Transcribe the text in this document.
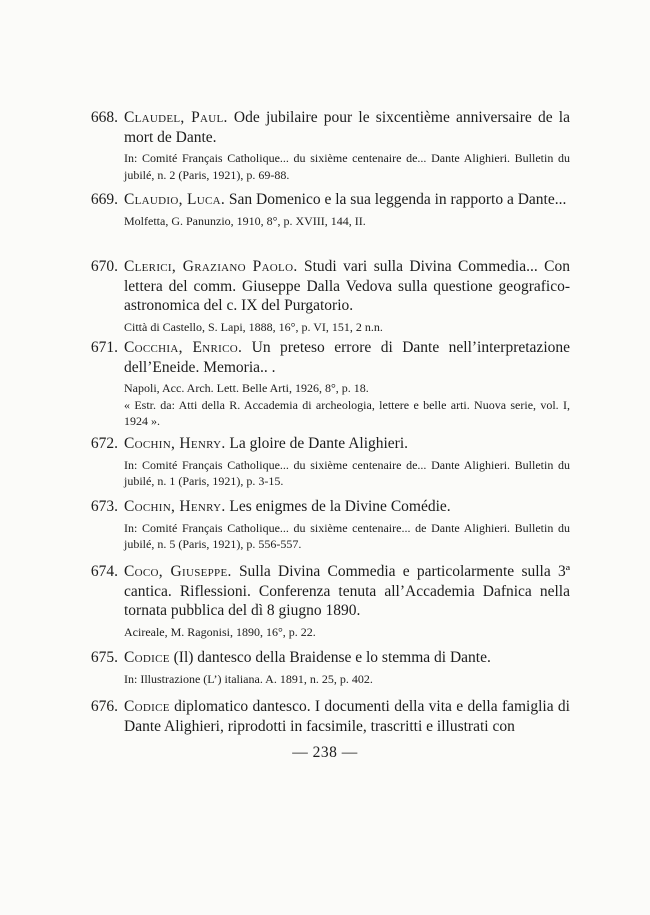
668. Claudel, Paul. Ode jubilaire pour le sixcentième anniversaire de la mort de Dante.
In: Comité Français Catholique... du sixième centenaire de... Dante Alighieri. Bulletin du jubilé, n. 2 (Paris, 1921), p. 69-88.
669. Claudio, Luca. San Domenico e la sua leggenda in rapporto a Dante...
Molfetta, G. Panunzio, 1910, 8°, p. XVIII, 144, II.
670. Clerici, Graziano Paolo. Studi vari sulla Divina Commedia... Con lettera del comm. Giuseppe Dalla Vedova sulla questione geografico-astronomica del c. IX del Purgatorio.
Città di Castello, S. Lapi, 1888, 16°, p. VI, 151, 2 n.n.
671. Cocchia, Enrico. Un preteso errore di Dante nell’interpretazione dell’Eneide. Memoria.. .
Napoli, Acc. Arch. Lett. Belle Arti, 1926, 8°, p. 18.
« Estr. da: Atti della R. Accademia di archeologia, lettere e belle arti. Nuova serie, vol. I, 1924 ».
672. Cochin, Henry. La gloire de Dante Alighieri.
In: Comité Français Catholique... du sixième centenaire de... Dante Alighieri. Bulletin du jubilé, n. 1 (Paris, 1921), p. 3-15.
673. Cochin, Henry. Les enigmes de la Divine Comédie.
In: Comité Français Catholique... du sixième centenaire... de Dante Alighieri. Bulletin du jubilé, n. 5 (Paris, 1921), p. 556-557.
674. Coco, Giuseppe. Sulla Divina Commedia e particolarmente sulla 3ª cantica. Riflessioni. Conferenza tenuta all’Accademia Dafnica nella tornata pubblica del dì 8 giugno 1890.
Acireale, M. Ragonisi, 1890, 16°, p. 22.
675. Codice (Il) dantesco della Braidense e lo stemma di Dante.
In: Illustrazione (L’) italiana. A. 1891, n. 25, p. 402.
676. Codice diplomatico dantesco. I documenti della vita e della famiglia di Dante Alighieri, riprodotti in facsimile, trascritti e illustrati con
— 238 —
